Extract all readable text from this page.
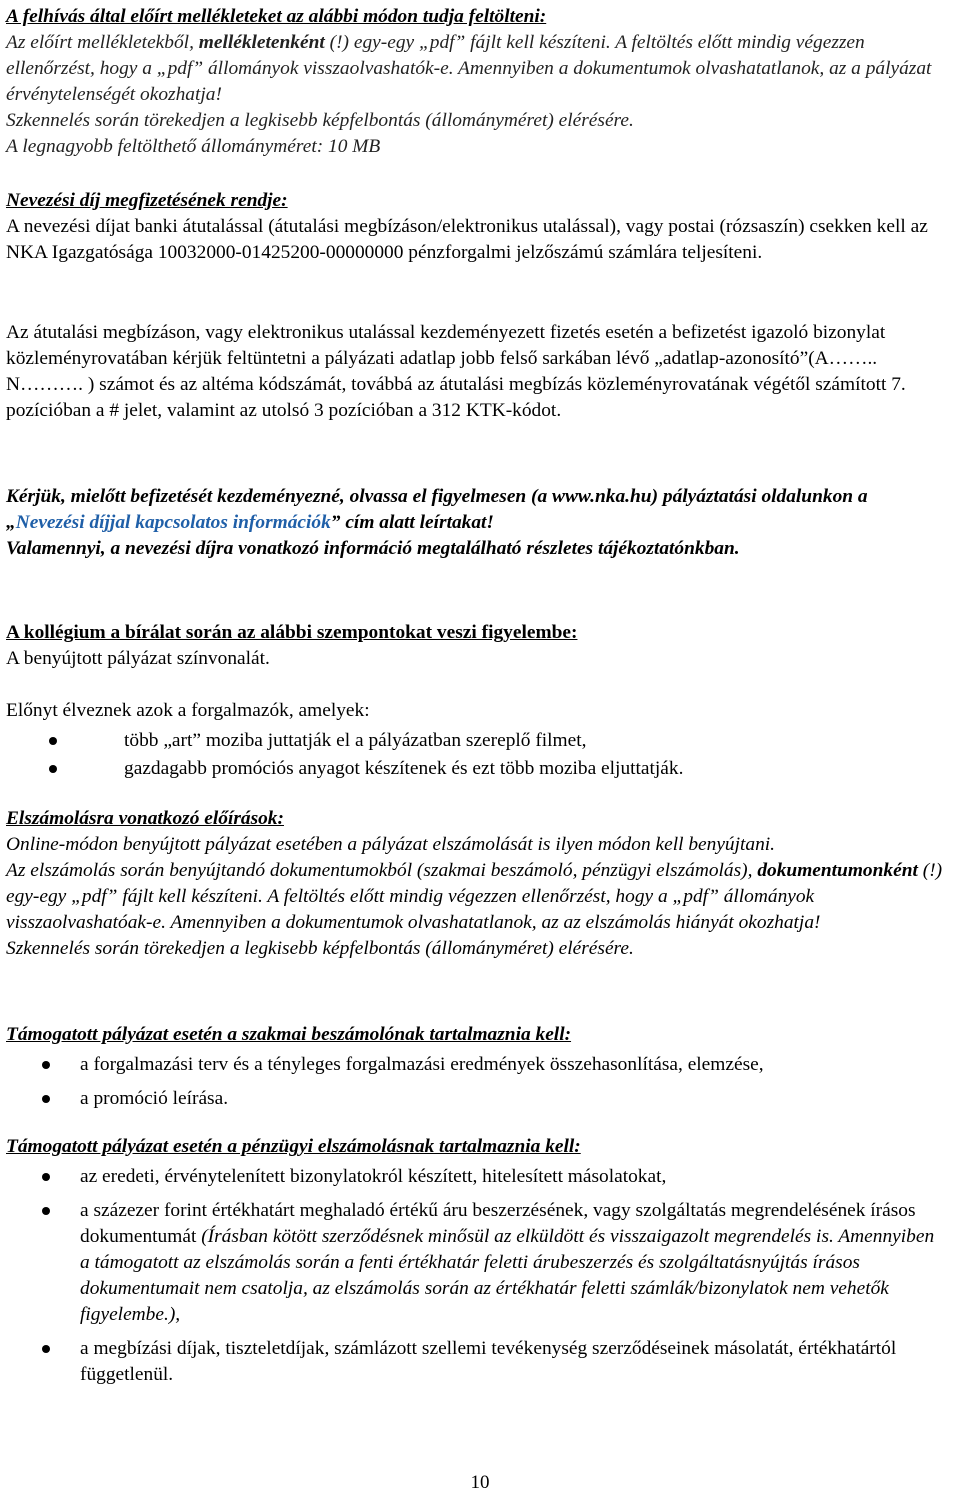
A felhívás által előírt mellékleteket az alábbi módon tudja feltölteni:

Az előírt mellékletekből, mellékletenként (!) egy-egy „pdf” fájlt kell készíteni. A feltöltés előtt mindig végezzen ellenőrzést, hogy a „pdf” állományok visszaolvashatók-e. Amennyiben a dokumentumok olvashatatlanok, az a pályázat érvénytelenségét okozhatja!

Szkennelés során törekedjen a legkisebb képfelbontás (állományméret) elérésére.

A legnagyobb feltölthető állományméret: 10 MB

Nevezési díj megfizetésének rendje:

A nevezési díjat banki átutalással (átutalási megbízáson/elektronikus utalással), vagy postai (rózsaszín) csekken kell az NKA Igazgatósága 10032000-01425200-00000000 pénzforgalmi jelzőszámú számlára teljesíteni.

Az átutalási megbízáson, vagy elektronikus utalással kezdeményezett fizetés esetén a befizetést igazoló bizonylat közleményrovatában kérjük feltüntetni a pályázati adatlap jobb felső sarkában lévő „adatlap-azonosító”(A…….. N………. ) számot és az altéma kódszámát, továbbá az átutalási megbízás közleményrovatának végétől számított 7. pozícióban a # jelet, valamint az utolsó 3 pozícióban a 312 KTK-kódot.

Kérjük, mielőtt befizetését kezdeményezné, olvassa el figyelmesen (a www.nka.hu) pályáztatási oldalunkon a „Nevezési díjjal kapcsolatos információk” cím alatt leírtakat!

Valamennyi, a nevezési díjra vonatkozó információ megtalálható részletes tájékoztatónkban.

A kollégium a bírálat során az alábbi szempontokat veszi figyelembe:

A benyújtott pályázat színvonalát.

Előnyt élveznek azok a forgalmazók, amelyek:

több „art” moziba juttatják el a pályázatban szereplő filmet,
gazdagabb promóciós anyagot készítenek és ezt több moziba eljuttatják.

Elszámolásra vonatkozó előírások:

Online-módon benyújtott pályázat esetében a pályázat elszámolását is ilyen módon kell benyújtani.

Az elszámolás során benyújtandó dokumentumokból (szakmai beszámoló, pénzügyi elszámolás), dokumentumonként (!) egy-egy „pdf” fájlt kell készíteni. A feltöltés előtt mindig végezzen ellenőrzést, hogy a „pdf” állományok visszaolvashatóak-e. Amennyiben a dokumentumok olvashatatlanok, az az elszámolás hiányát okozhatja!

Szkennelés során törekedjen a legkisebb képfelbontás (állományméret) elérésére.

Támogatott pályázat esetén a szakmai beszámolónak tartalmaznia kell:

a forgalmazási terv és a tényleges forgalmazási eredmények összehasonlítása, elemzése,
a promóció leírása.

Támogatott pályázat esetén a pénzügyi elszámolásnak tartalmaznia kell:

az eredeti, érvénytelenített bizonylatokról készített, hitelesített másolatokat,
a százezer forint értékhatárt meghaladó értékű áru beszerzésének, vagy szolgáltatás megrendelésének írásos dokumentumát (Írásban kötött szerződésnek minősül az elküldött és visszaigazolt megrendelés is. Amennyiben a támogatott az elszámolás során a fenti értékhatár feletti árubeszerzés és szolgáltatásnyújtás írásos dokumentumait nem csatolja, az elszámolás során az értékhatár feletti számlák/bizonylatok nem vehetők figyelembe.),
a megbízási díjak, tiszteletdíjak, számlázott szellemi tevékenység szerződéseinek másolatát, értékhatártól függetlenül.
10
